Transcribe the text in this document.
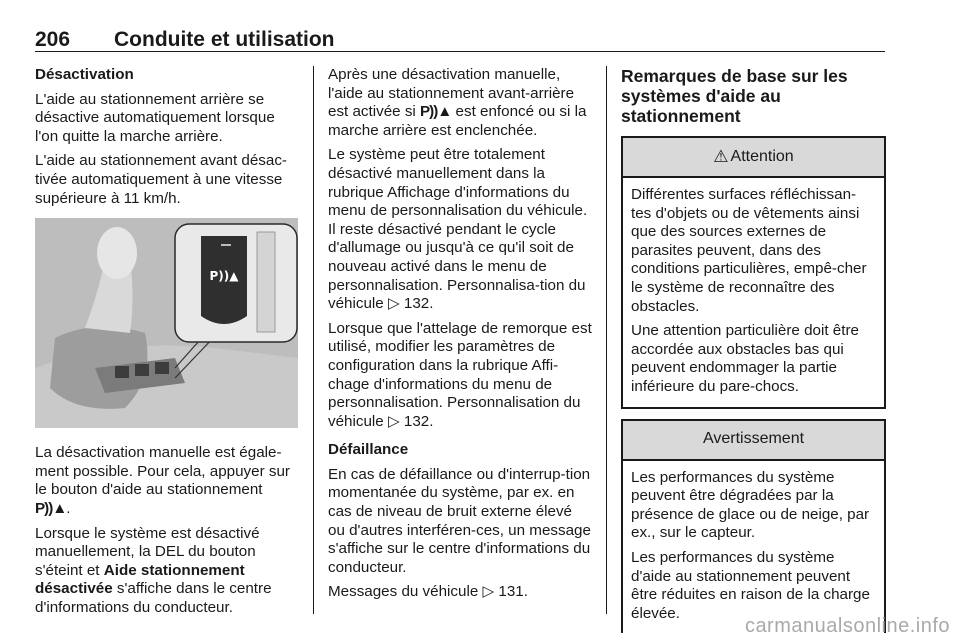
206 Conduite et utilisation

Désactivation

L'aide au stationnement arrière se désactive automatiquement lorsque l'on quitte la marche arrière.

L'aide au stationnement avant désac-tivée automatiquement à une vitesse supérieure à 11 km/h.

P))▲

La désactivation manuelle est égale-ment possible. Pour cela, appuyer sur le bouton d'aide au stationnement P))▲.

Lorsque le système est désactivé manuellement, la DEL du bouton s'éteint et Aide stationnement désactivée s'affiche dans le centre d'informations du conducteur.

Après une désactivation manuelle, l'aide au stationnement avant-arrière est activée si P))▲ est enfoncé ou si la marche arrière est enclenchée.

Le système peut être totalement désactivé manuellement dans la rubrique Affichage d'informations du menu de personnalisation du véhicule. Il reste désactivé pendant le cycle d'allumage ou jusqu'à ce qu'il soit de nouveau activé dans le menu de personnalisation. Personnalisa-tion du véhicule ▷ 132.

Lorsque que l'attelage de remorque est utilisé, modifier les paramètres de configuration dans la rubrique Affi-chage d'informations du menu de personnalisation. Personnalisation du véhicule ▷ 132.

Défaillance

En cas de défaillance ou d'interrup-tion momentanée du système, par ex. en cas de niveau de bruit externe élevé ou d'autres interféren-ces, un message s'affiche sur le centre d'informations du conducteur.

Messages du véhicule ▷ 131.

Remarques de base sur les systèmes d'aide au stationnement
⚠ Attention

Différentes surfaces réfléchissan-tes d'objets ou de vêtements ainsi que des sources externes de parasites peuvent, dans des conditions particulières, empê-cher le système de reconnaître des obstacles.

Une attention particulière doit être accordée aux obstacles bas qui peuvent endommager la partie inférieure du pare-chocs.

Avertissement

Les performances du système peuvent être dégradées par la présence de glace ou de neige, par ex., sur le capteur.

Les performances du système d'aide au stationnement peuvent être réduites en raison de la charge élevée.

carmanualsonline.info
